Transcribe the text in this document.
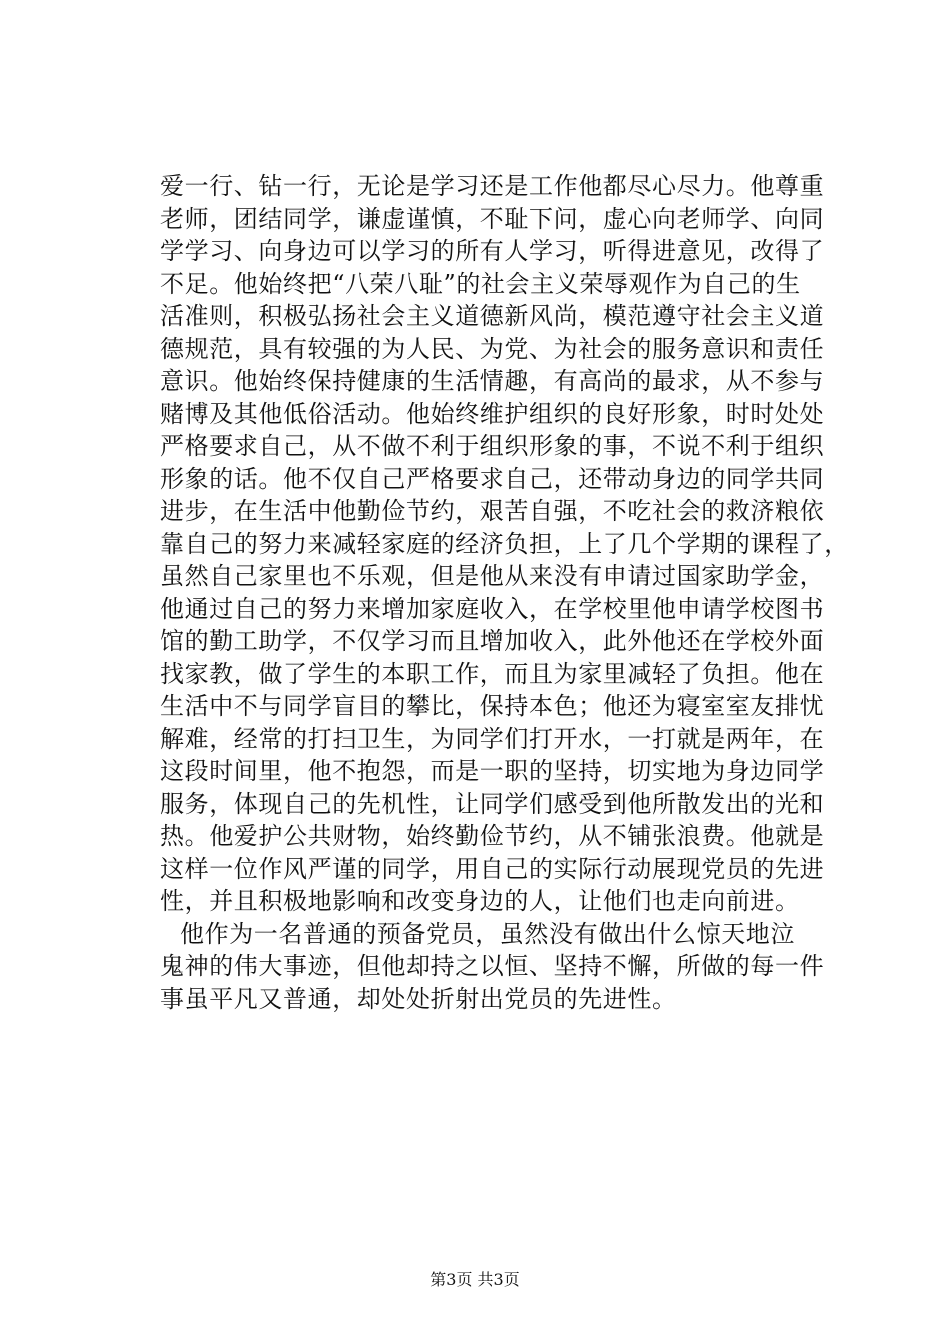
爱一行、钻一行，无论是学习还是工作他都尽心尽力。他尊重
老师，团结同学，谦虚谨慎，不耻下问，虚心向老师学、向同
学学习、向身边可以学习的所有人学习，听得进意见，改得了
不足。他始终把“八荣八耻”的社会主义荣辱观作为自己的生
活准则，积极弘扬社会主义道德新风尚，模范遵守社会主义道
德规范，具有较强的为人民、为党、为社会的服务意识和责任
意识。他始终保持健康的生活情趣，有高尚的最求，从不参与
赌博及其他低俗活动。他始终维护组织的良好形象，时时处处
严格要求自己，从不做不利于组织形象的事，不说不利于组织
形象的话。他不仅自己严格要求自己，还带动身边的同学共同
进步，在生活中他勤俭节约，艰苦自强，不吃社会的救济粮依
靠自己的努力来减轻家庭的经济负担，上了几个学期的课程了，
虽然自己家里也不乐观，但是他从来没有申请过国家助学金，
他通过自己的努力来增加家庭收入，在学校里他申请学校图书
馆的勤工助学，不仅学习而且增加收入，此外他还在学校外面
找家教，做了学生的本职工作，而且为家里减轻了负担。他在
生活中不与同学盲目的攀比，保持本色；他还为寝室室友排忧
解难，经常的打扫卫生，为同学们打开水，一打就是两年，在
这段时间里，他不抱怨，而是一职的坚持，切实地为身边同学
服务，体现自己的先机性，让同学们感受到他所散发出的光和
热。他爱护公共财物，始终勤俭节约，从不铺张浪费。他就是
这样一位作风严谨的同学，用自己的实际行动展现党员的先进
性，并且积极地影响和改变身边的人，让他们也走向前进。
他作为一名普通的预备党员，虽然没有做出什么惊天地泣
鬼神的伟大事迹，但他却持之以恒、坚持不懈，所做的每一件
事虽平凡又普通，却处处折射出党员的先进性。
第3页 共3页
